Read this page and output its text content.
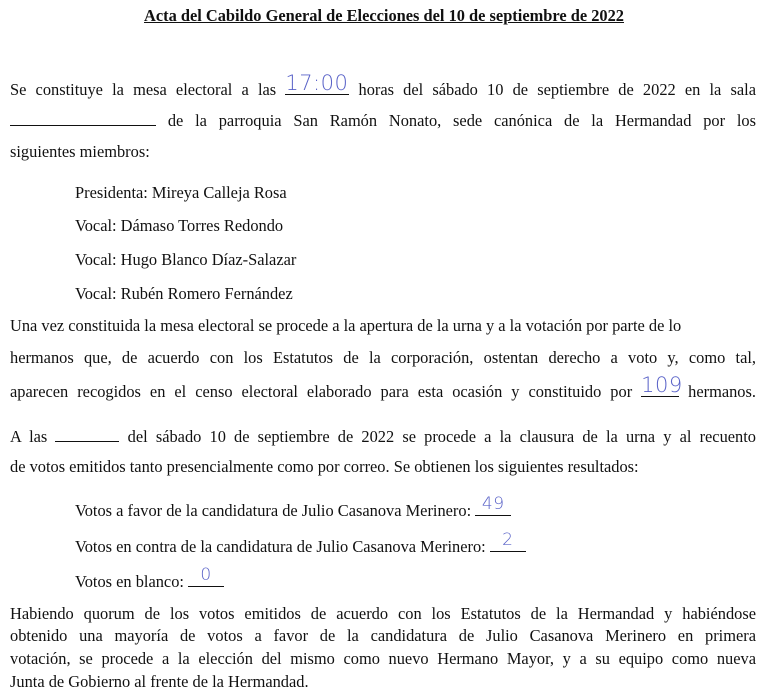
Acta del Cabildo General de Elecciones del 10 de septiembre de 2022
Se constituye la mesa electoral a las 17:00 horas del sábado 10 de septiembre de 2022 en la sala
de la parroquia San Ramón Nonato, sede canónica de la Hermandad por los
siguientes miembros:
Presidenta: Mireya Calleja Rosa
Vocal: Dámaso Torres Redondo
Vocal: Hugo Blanco Díaz-Salazar
Vocal: Rubén Romero Fernández
Una vez constituida la mesa electoral se procede a la apertura de la urna y a la votación por parte de lo
hermanos que, de acuerdo con los Estatutos de la corporación, ostentan derecho a voto y, como tal,
aparecen recogidos en el censo electoral elaborado para esta ocasión y constituido por 109 hermanos.
A las	del sábado 10 de septiembre de 2022 se procede a la clausura de la urna y al recuento
de votos emitidos tanto presencialmente como por correo. Se obtienen los siguientes resultados:
Votos a favor de la candidatura de Julio Casanova Merinero: 49
Votos en contra de la candidatura de Julio Casanova Merinero: 2
Votos en blanco: 0
Habiendo quorum de los votos emitidos de acuerdo con los Estatutos de la Hermandad y habiéndose
obtenido una mayoría de votos a favor de la candidatura de Julio Casanova Merinero en primera
votación, se procede a la elección del mismo como nuevo Hermano Mayor, y a su equipo como nueva
Junta de Gobierno al frente de la Hermandad.
